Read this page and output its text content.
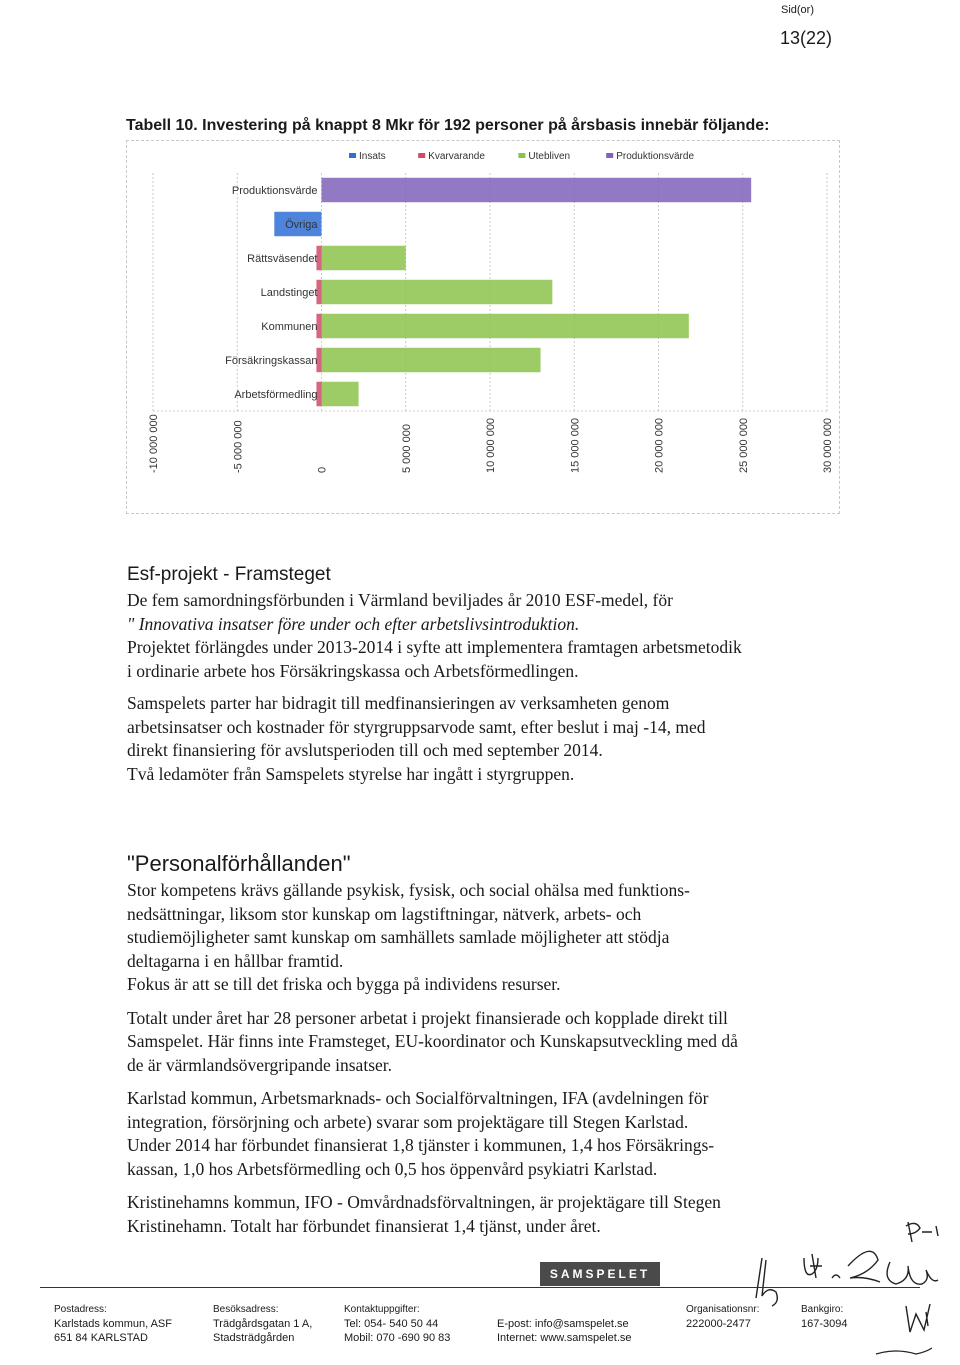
Sid(or)
13(22)
Tabell 10. Investering på knappt 8 Mkr för 192 personer på årsbasis innebär följande:
-10 000 000	-5 000 000	0	5 000 000	10 000 000	15 000 000	20 000 000	25 000 000	30 000 000
Insats	Kvarvarande	Utebliven	Produktionsvärde
Produktionsvärde
Övriga
Rättsväsendet
Landstinget
Kommunen
Försäkringskassan
Arbetsförmedling
Esf-projekt - Framsteget

De fem samordningsförbunden i Värmland beviljades år 2010 ESF-medel, för

" Innovativa insatser före under och efter arbetslivsintroduktion.

Projektet förlängdes under 2013-2014 i syfte att implementera framtagen arbetsmetodik

i ordinarie arbete hos Försäkringskassa och Arbetsförmedlingen.

Samspelets parter har bidragit till medfinansieringen av verksamheten genom

arbetsinsatser och kostnader för styrgruppsarvode samt, efter beslut i maj -14, med

direkt finansiering för avslutsperioden till och med september 2014.

Två ledamöter från Samspelets styrelse har ingått i styrgruppen.

"Personalförhållanden"

Stor kompetens krävs gällande psykisk, fysisk, och social ohälsa med funktions-

nedsättningar, liksom stor kunskap om lagstiftningar, nätverk, arbets- och

studiemöjligheter samt kunskap om samhällets samlade möjligheter att stödja

deltagarna i en hållbar framtid.

Fokus är att se till det friska och bygga på individens resurser.

Totalt under året har 28 personer arbetat i projekt finansierade och kopplade direkt till

Samspelet. Här finns inte Framsteget, EU-koordinator och Kunskapsutveckling med då

de är värmlandsövergripande insatser.

Karlstad kommun, Arbetsmarknads- och Socialförvaltningen, IFA (avdelningen för

integration, försörjning och arbete) svarar som projektägare till Stegen Karlstad.

Under 2014 har förbundet finansierat 1,8 tjänster i kommunen, 1,4 hos Försäkrings-

kassan, 1,0 hos Arbetsförmedling och 0,5 hos öppenvård psykiatri Karlstad.

Kristinehamns kommun, IFO - Omvårdnadsförvaltningen, är projektägare till Stegen

Kristinehamn. Totalt har förbundet finansierat 1,4 tjänst, under året.

SAMSPELET
Postadress:
Karlstads kommun, ASF
651 84 KARLSTAD
Besöksadress:
Trädgårdsgatan 1 A,
Stadsträdgården
Kontaktuppgifter:
Tel: 054- 540 50 44
Mobil: 070 -690 90 83
E-post: info@samspelet.se
Internet: www.samspelet.se
Organisationsnr:
222000-2477
Bankgiro:
167-3094
